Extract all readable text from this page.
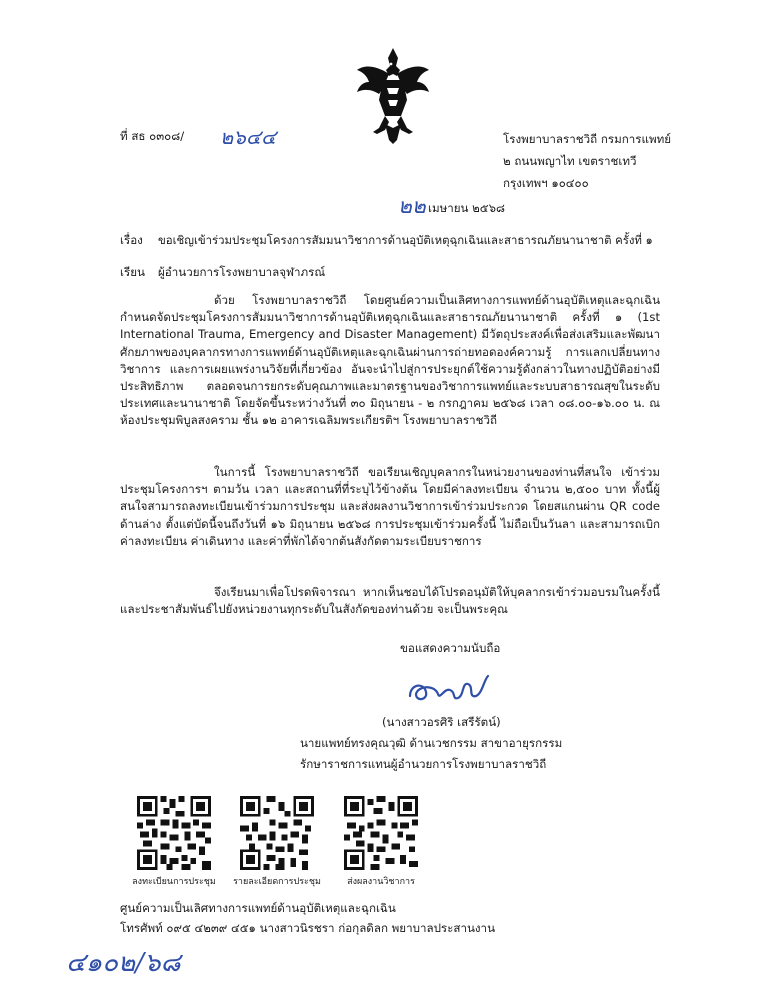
ที่ สธ ๐๓๐๘/ ๒๖๔๔	โรงพยาบาลราชวิถี กรมการแพทย์
๒ ถนนพญาไท เขตราชเทวี
กรุงเทพฯ ๑๐๔๐๐
๒๒ เมษายน ๒๕๖๘
เรื่อง ขอเชิญเข้าร่วมประชุมโครงการสัมมนาวิชาการด้านอุบัติเหตุฉุกเฉินและสาธารณภัยนานาชาติ ครั้งที่ ๑
เรียน ผู้อำนวยการโรงพยาบาลจุฬาภรณ์
ด้วย โรงพยาบาลราชวิถี โดยศูนย์ความเป็นเลิศทางการแพทย์ด้านอุบัติเหตุและฉุกเฉิน กำหนดจัดประชุมโครงการสัมมนาวิชาการด้านอุบัติเหตุฉุกเฉินและสาธารณภัยนานาชาติ ครั้งที่ ๑ (1st International Trauma, Emergency and Disaster Management) มีวัตถุประสงค์เพื่อส่งเสริมและพัฒนาศักยภาพของบุคลากรทางการแพทย์ด้านอุบัติเหตุและฉุกเฉินผ่านการถ่ายทอดองค์ความรู้ การแลกเปลี่ยนทางวิชาการ และการเผยแพร่งานวิจัยที่เกี่ยวข้อง อันจะนำไปสู่การประยุกต์ใช้ความรู้ดังกล่าวในทางปฏิบัติอย่างมีประสิทธิภาพ ตลอดจนการยกระดับคุณภาพและมาตรฐานของวิชาการแพทย์และระบบสาธารณสุขในระดับประเทศและนานาชาติ โดยจัดขึ้นระหว่างวันที่ ๓๐ มิถุนายน - ๒ กรกฎาคม ๒๕๖๘ เวลา ๐๘.๐๐-๑๖.๐๐ น. ณ ห้องประชุมพิบูลสงคราม ชั้น ๑๒ อาคารเฉลิมพระเกียรติฯ โรงพยาบาลราชวิถี
ในการนี้ โรงพยาบาลราชวิถี ขอเรียนเชิญบุคลากรในหน่วยงานของท่านที่สนใจ เข้าร่วมประชุมโครงการฯ ตามวัน เวลา และสถานที่ที่ระบุไว้ข้างต้น โดยมีค่าลงทะเบียน จำนวน ๒,๕๐๐ บาท ทั้งนี้ผู้สนใจสามารถลงทะเบียนเข้าร่วมการประชุม และส่งผลงานวิชาการเข้าร่วมประกวด โดยสแกนผ่าน QR code ด้านล่าง ตั้งแต่บัดนี้จนถึงวันที่ ๑๖ มิถุนายน ๒๕๖๘ การประชุมเข้าร่วมครั้งนี้ ไม่ถือเป็นวันลา และสามารถเบิกค่าลงทะเบียน ค่าเดินทาง และค่าที่พักได้จากต้นสังกัดตามระเบียบราชการ
จึงเรียนมาเพื่อโปรดพิจารณา หากเห็นชอบได้โปรดอนุมัติให้บุคลากรเข้าร่วมอบรมในครั้งนี้ และประชาสัมพันธ์ไปยังหน่วยงานทุกระดับในสังกัดของท่านด้วย จะเป็นพระคุณ
ขอแสดงความนับถือ
(นางสาวอรศิริ เสรีรัตน์)
นายแพทย์ทรงคุณวุฒิ ด้านเวชกรรม สาขาอายุรกรรม
รักษาราชการแทนผู้อำนวยการโรงพยาบาลราชวิถี
ลงทะเบียนการประชุม	รายละเอียดการประชุม	ส่งผลงานวิชาการ
ศูนย์ความเป็นเลิศทางการแพทย์ด้านอุบัติเหตุและฉุกเฉิน
โทรศัพท์ ๐๙๕ ๔๒๓๙ ๔๕๑ นางสาวนิรชรา ก่อกุลดิลก พยาบาลประสานงาน
๔๑๐๒/๖๘
